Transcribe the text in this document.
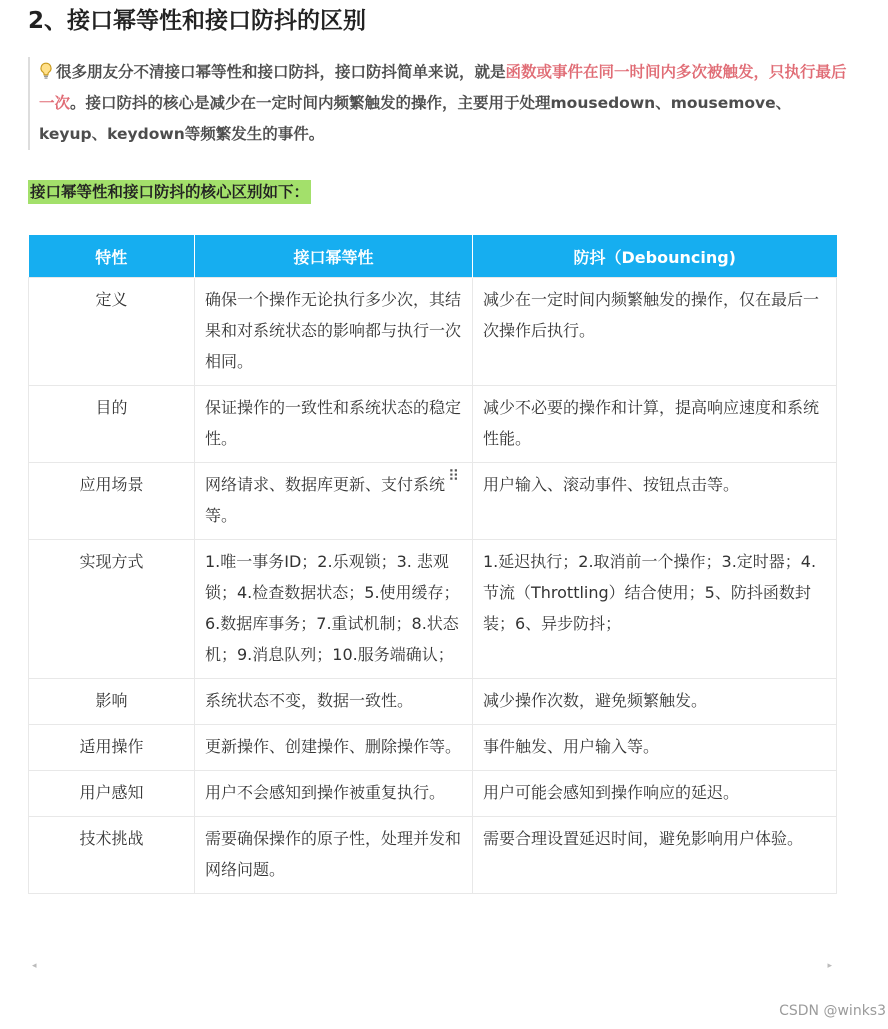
2、接口幂等性和接口防抖的区别
很多朋友分不清接口幂等性和接口防抖，接口防抖简单来说，就是函数或事件在同一时间内多次被触发，只执行最后一次。接口防抖的核心是减少在一定时间内频繁触发的操作，主要用于处理mousedown、mousemove、keyup、keydown等频繁发生的事件。
接口幂等性和接口防抖的核心区别如下：
特性	接口幂等性	防抖（Debouncing)
定义	确保一个操作无论执行多少次，其结果和对系统状态的影响都与执行一次相同。	减少在一定时间内频繁触发的操作，仅在最后一次操作后执行。
目的	保证操作的一致性和系统状态的稳定性。	减少不必要的操作和计算，提高响应速度和系统性能。
应用场景	网络请求、数据库更新、支付系统等。	用户输入、滚动事件、按钮点击等。
实现方式	1.唯一事务ID；2.乐观锁；3. 悲观锁；4.检查数据状态；5.使用缓存；6.数据库事务；7.重试机制；8.状态机；9.消息队列；10.服务端确认；	1.延迟执行；2.取消前一个操作；3.定时器；4.节流（Throttling）结合使用；5、防抖函数封装；6、异步防抖；
影响	系统状态不变，数据一致性。	减少操作次数，避免频繁触发。
适用操作	更新操作、创建操作、删除操作等。	事件触发、用户输入等。
用户感知	用户不会感知到操作被重复执行。	用户可能会感知到操作响应的延迟。
技术挑战	需要确保操作的原子性，处理并发和网络问题。	需要合理设置延迟时间，避免影响用户体验。
⠿
◂	▸
CSDN @winks3
